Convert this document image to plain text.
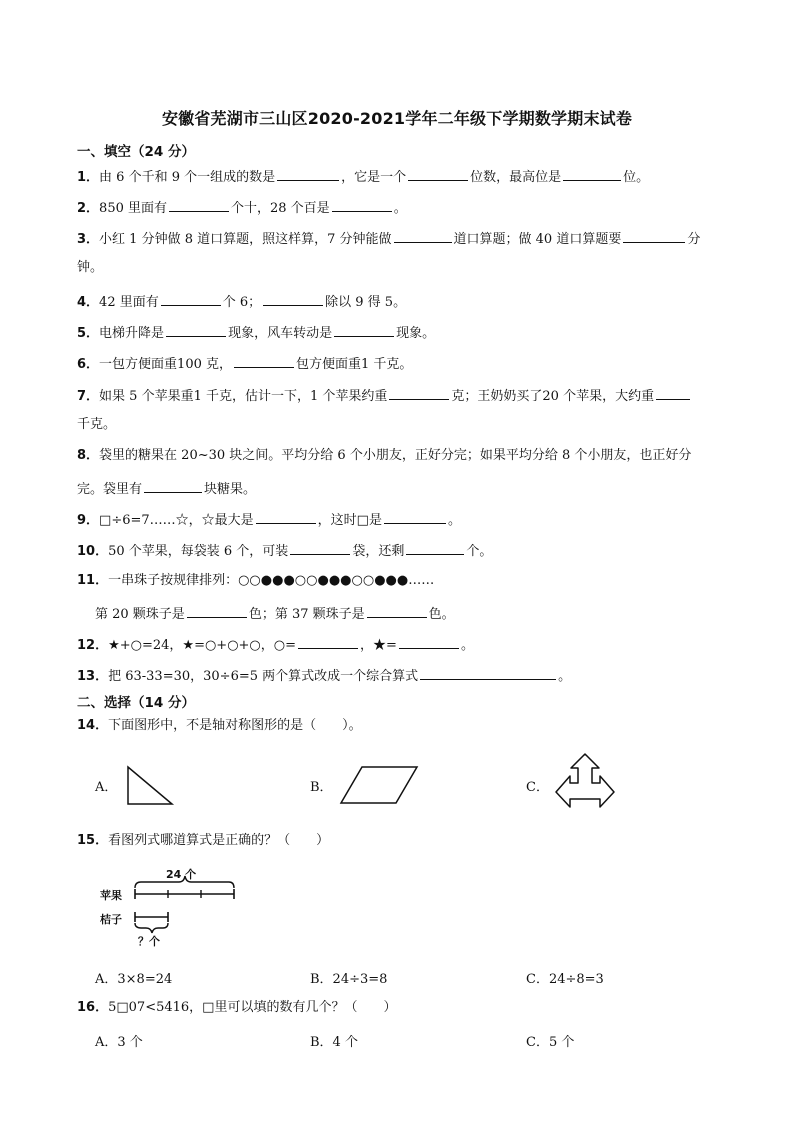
安徽省芜湖市三山区2020-2021学年二年级下学期数学期末试卷
一、填空（24 分）
1．由 6 个千和 9 个一组成的数是	，它是一个	位数，最高位是	位。
2．850 里面有	个十，28 个百是	。
3．小红 1 分钟做 8 道口算题，照这样算，7 分钟能做	道口算题；做 40 道口算题要	分
钟。
4．42 里面有	个 6；	除以 9 得 5。
5．电梯升降是	现象，风车转动是	现象。
6．一包方便面重100 克，	包方便面重1 千克。
7．如果 5 个苹果重1 千克，估计一下，1 个苹果约重	克；王奶奶买了20 个苹果，大约重
千克。
8．袋里的糖果在 20~30 块之间。平均分给 6 个小朋友，正好分完；如果平均分给 8 个小朋友，也正好分
完。袋里有	块糖果。
9．□÷6=7……☆，☆最大是	，这时□是	。
10．50 个苹果，每袋装 6 个，可装	袋，还剩	个。
11．一串珠子按规律排列：○○●●●○○●●●○○●●●……
第 20 颗珠子是	色；第 37 颗珠子是	色。
12．★+○=24，★=○+○+○，○=	，★=	。
13．把 63-33=30，30÷6=5 两个算式改成一个综合算式	。
二、选择（14 分）
14．下面图形中，不是轴对称图形的是（　　）。
A．	B．	C．
15．看图列式哪道算式是正确的？（　　）
苹果
桔子
24 个
？个
A．3×8=24	B．24÷3=8	C．24÷8=3
16．5□07<5416，□里可以填的数有几个？（　　）
A．3 个	B．4 个	C．5 个
